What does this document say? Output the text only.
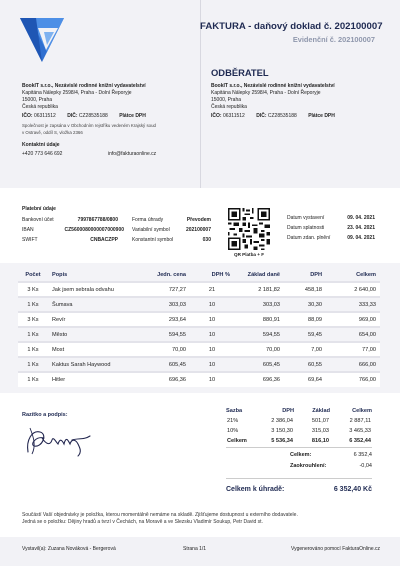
FAKTURA - daňový doklad č. 202100007
Evidenční č. 202100007
BookIT s.r.o., Nezávislé rodinné knižní vydavatelství
Kapitána Nálepky 2598/4, Praha - Dolní Řeporyje
15000, Praha
Česká republika
IČO: 06311512 DIČ: CZ28535188 Plátce DPH
Společnost je zapsána v Obchodním rejstříku vedeném Krajský soud
v Ostravě, oddíl S, vložka 2366
Kontaktní údaje
+420 773 646 692	info@fakturaonline.cz
ODBĚRATEL
BookIT s.r.o., Nezávislé rodinné knižní vydavatelství
Kapitána Nálepky 2598/4, Praha - Dolní Řeporyje
15000, Praha
Česká republika
IČO: 06311512 DIČ: CZ28535188 Plátce DPH
Platební údaje
Bankovní účet	7997867788/0800
IBAN	CZ5600080000007000900
SWIFT	CNBACZPP
Forma úhrady	Převodem
Variabilní symbol	202100007
Konstantní symbol	030
QR Platba + F
Datum vystavení	09. 04. 2021
Datum splatnosti	23. 04. 2021
Datum zdan. plnění	09. 04. 2021
Počet	Popis	Jedn. cena	DPH %	Základ daně	DPH	Celkem
3 Ks	Jak jsem sebrala odvahu	727,27	21	2 181,82	458,18	2 640,00
1 Ks	Šumava	303,03	10	303,03	30,30	333,33
3 Ks	Revír	293,64	10	880,91	88,09	969,00
1 Ks	Město	594,55	10	594,55	59,45	654,00
1 Ks	Most	70,00	10	70,00	7,00	77,00
1 Ks	Kaktus Sarah Haywood	605,45	10	605,45	60,55	666,00
1 Ks	Hitler	696,36	10	696,36	69,64	766,00
Razítko a podpis:
Sazba	DPH	Základ	Celkem
21%	2 386,04	501,07	2 887,11
10%	3 150,30	315,03	3 465,33
Celkem	5 536,34	816,10	6 352,44
Celkem:	6 352,4
Zaokrouhlení:	-0,04
Celkem k úhradě:	6 352,40 Kč
Součástí Vaší objednávky je položka, kterou momentálně nemáme na skladě. Zjišťujeme dostupnost u externího dodavatele.
Jedná se o položku: Dějiny hradů a tvrzí v Čechách, na Moravě a ve Slezsku Vladimír Soukup, Petr David st.
Vystavil(a): Zuzana Nováková - Bergerová	Strana 1/1	Vygenerováno pomocí FakturaOnline.cz
